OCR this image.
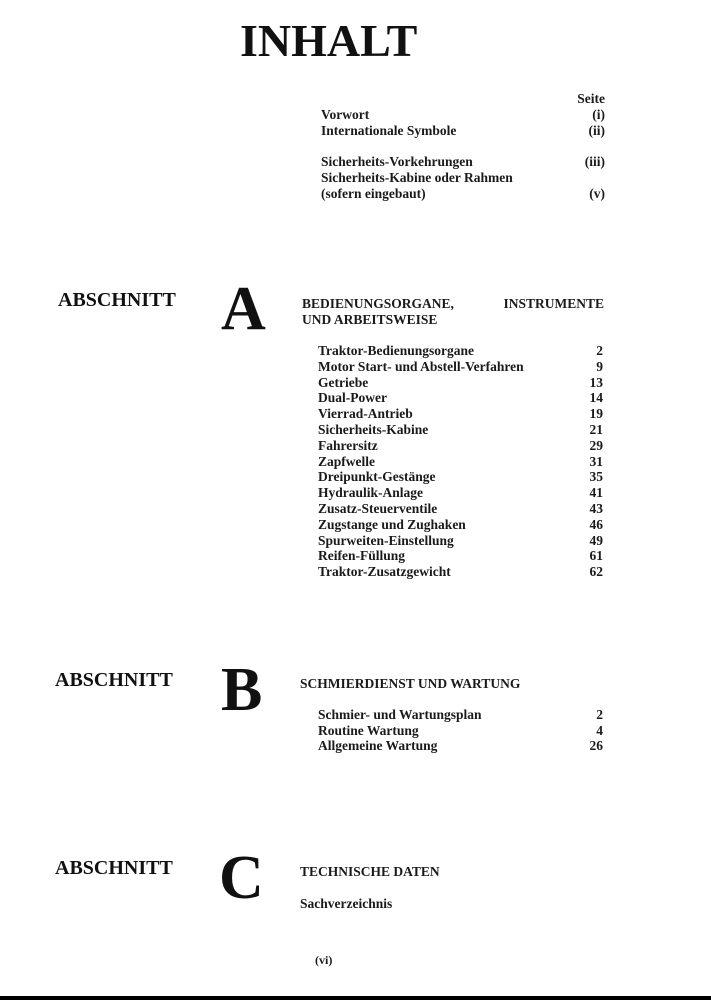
INHALT
Seite
Vorwort	(i)
Internationale Symbole	(ii)
Sicherheits-Vorkehrungen	(iii)
Sicherheits-Kabine oder Rahmen
(sofern eingebaut)	(v)
ABSCHNITT A	BEDIENUNGSORGANE,	INSTRUMENTE
UND ARBEITSWEISE
Traktor-Bedienungsorgane	2
Motor Start- und Abstell-Verfahren	9
Getriebe	13
Dual-Power	14
Vierrad-Antrieb	19
Sicherheits-Kabine	21
Fahrersitz	29
Zapfwelle	31
Dreipunkt-Gestänge	35
Hydraulik-Anlage	41
Zusatz-Steuerventile	43
Zugstange und Zughaken	46
Spurweiten-Einstellung	49
Reifen-Füllung	61
Traktor-Zusatzgewicht	62
ABSCHNITT B	SCHMIERDIENST UND WARTUNG
Schmier- und Wartungsplan	2
Routine Wartung	4
Allgemeine Wartung	26
ABSCHNITT C	TECHNISCHE DATEN
Sachverzeichnis
(vi)
